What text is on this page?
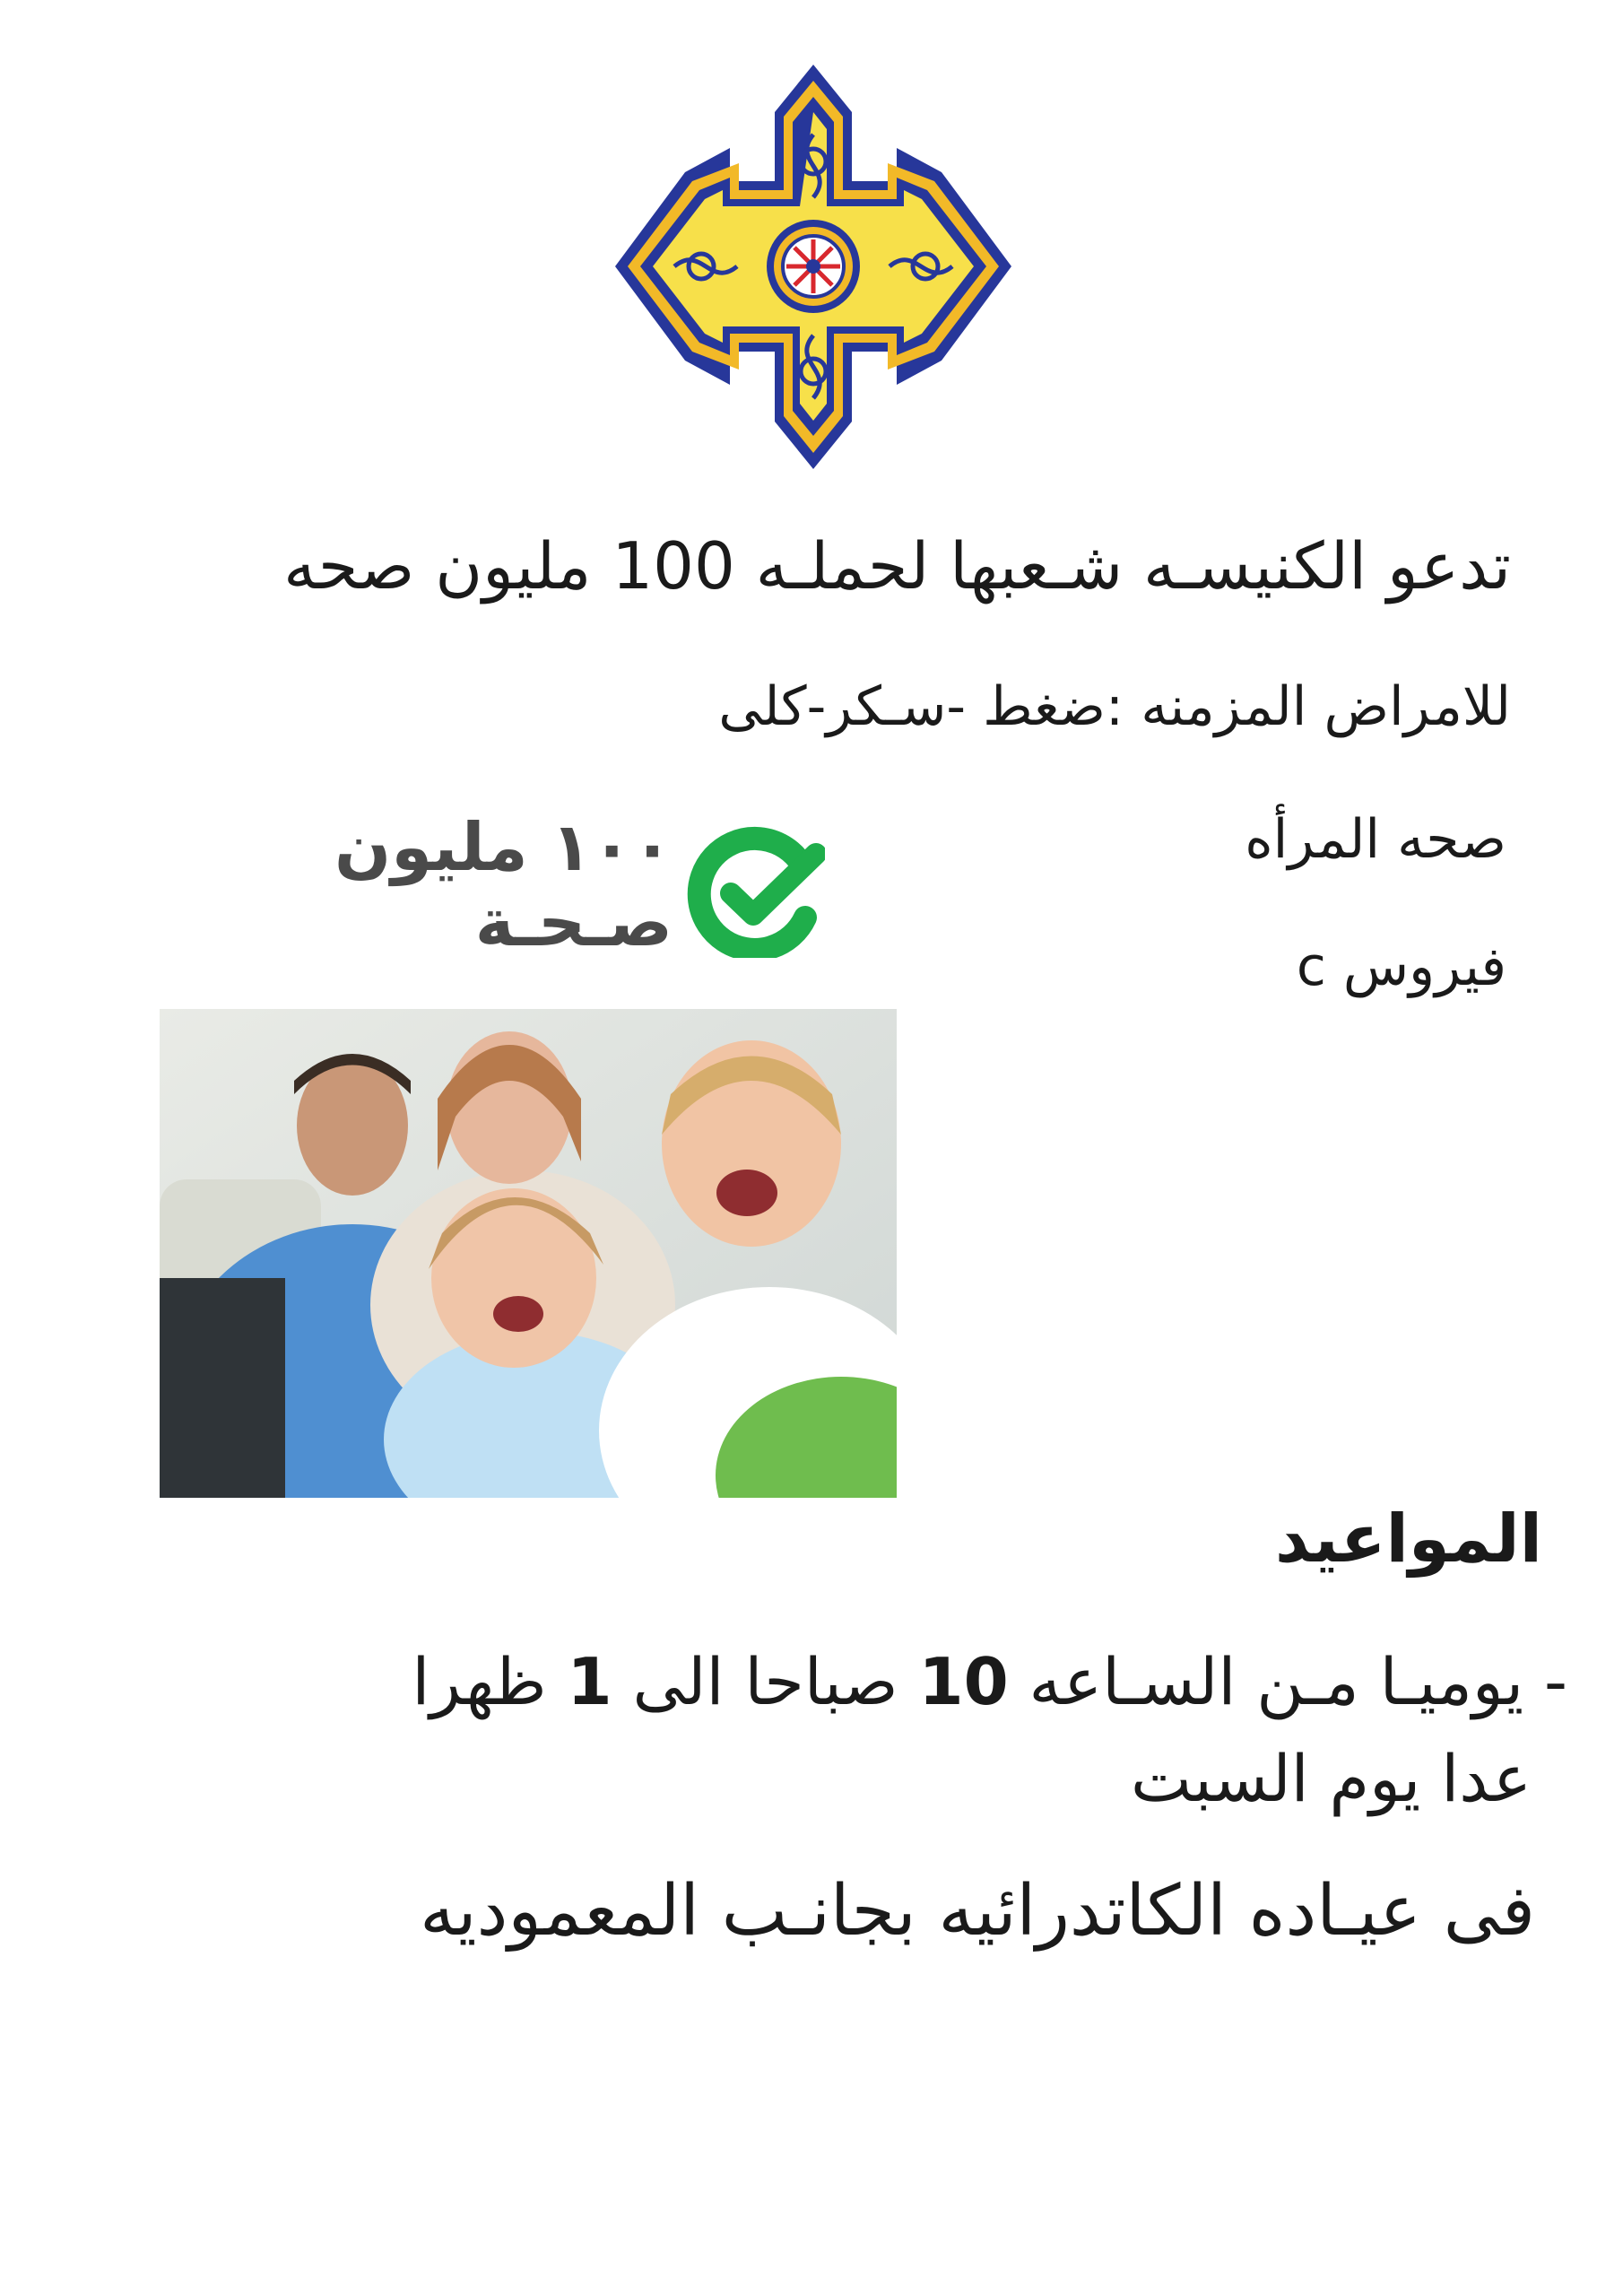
تدعو الكنيسـه شـعبها لحملـه 100 مليون صحه
للامراض المزمنه :ضغط -سـكر-كلى
صحه المرأه
فيروس c
١٠٠ مليون
صـحـة
المواعيد
- يوميـا مـن السـاعه 10 صباحا الى 1 ظهرا
عدا يوم السبت
فى عيـاده الكاتدرائيه بجانـب المعموديه
